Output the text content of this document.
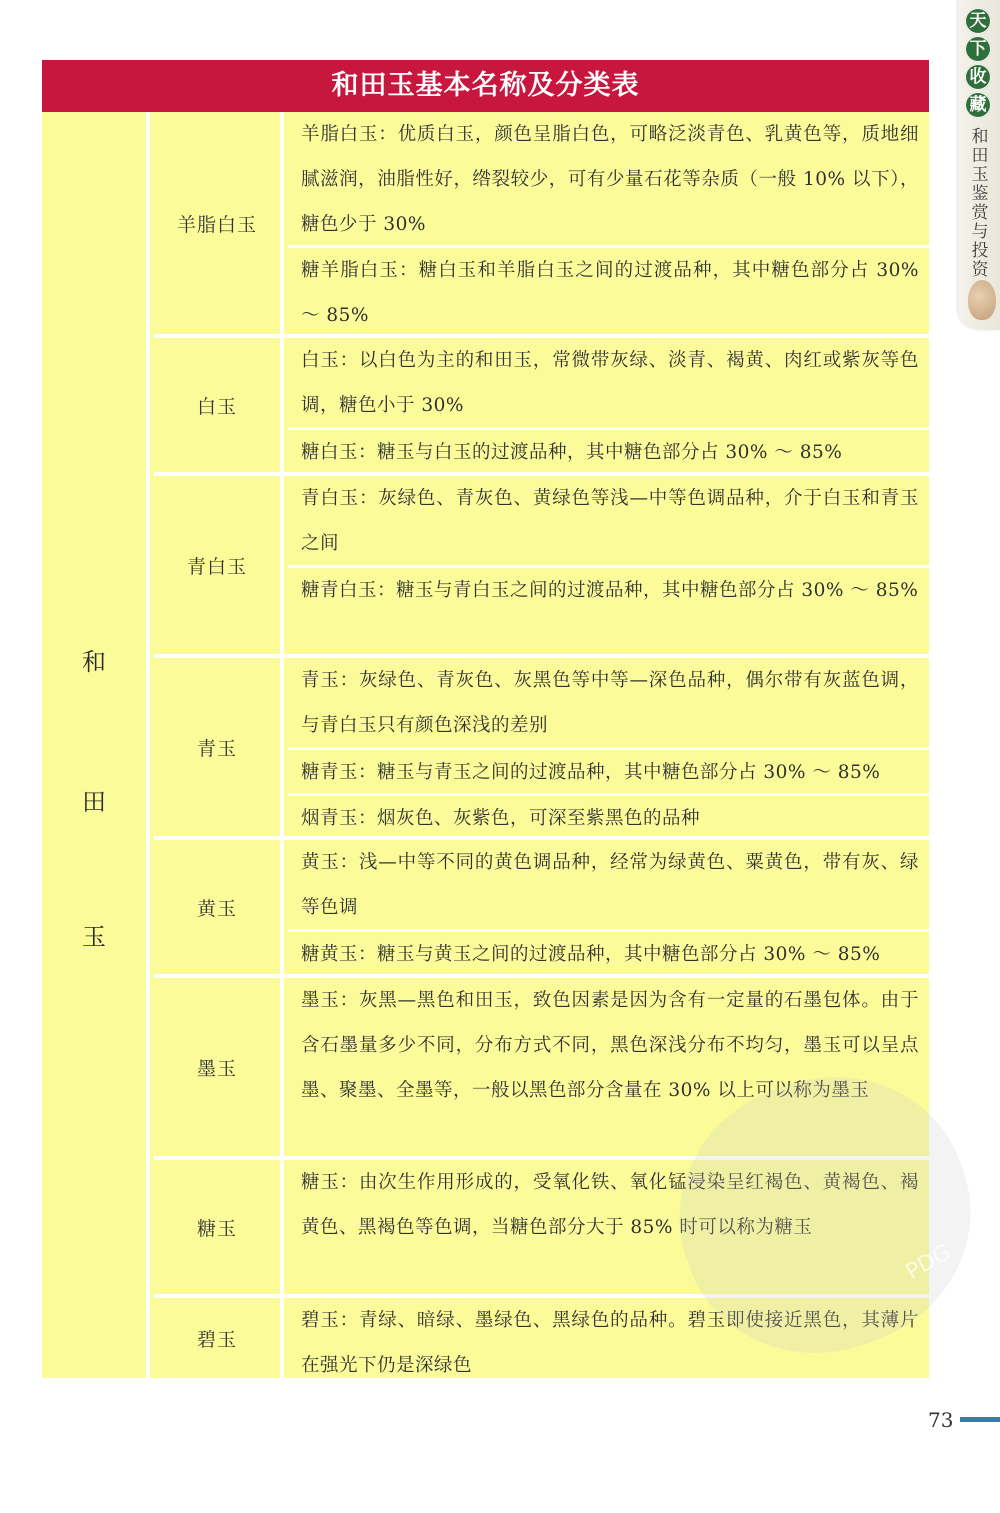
天
下
收
藏
和田玉鉴赏与投资
和田玉基本名称及分类表
和
田
玉
羊脂白玉
羊脂白玉：优质白玉，颜色呈脂白色，可略泛淡青色、乳黄色等，质地细腻滋润，油脂性好，绺裂较少，可有少量石花等杂质（一般 10% 以下），糖色少于 30%
糖羊脂白玉：糖白玉和羊脂白玉之间的过渡品种，其中糖色部分占 30% ～ 85%
白玉
白玉：以白色为主的和田玉，常微带灰绿、淡青、褐黄、肉红或紫灰等色调，糖色小于 30%
糖白玉：糖玉与白玉的过渡品种，其中糖色部分占 30% ～ 85%
青白玉
青白玉：灰绿色、青灰色、黄绿色等浅—中等色调品种，介于白玉和青玉之间
糖青白玉：糖玉与青白玉之间的过渡品种，其中糖色部分占 30% ～ 85%
青玉
青玉：灰绿色、青灰色、灰黑色等中等—深色品种，偶尔带有灰蓝色调，与青白玉只有颜色深浅的差别
糖青玉：糖玉与青玉之间的过渡品种，其中糖色部分占 30% ～ 85%
烟青玉：烟灰色、灰紫色，可深至紫黑色的品种
黄玉
黄玉：浅—中等不同的黄色调品种，经常为绿黄色、粟黄色，带有灰、绿等色调
糖黄玉：糖玉与黄玉之间的过渡品种，其中糖色部分占 30% ～ 85%
墨玉
墨玉：灰黑—黑色和田玉，致色因素是因为含有一定量的石墨包体。由于含石墨量多少不同，分布方式不同，黑色深浅分布不均匀，墨玉可以呈点墨、聚墨、全墨等，一般以黑色部分含量在 30% 以上可以称为墨玉
糖玉
糖玉：由次生作用形成的，受氧化铁、氧化锰浸染呈红褐色、黄褐色、褐黄色、黑褐色等色调，当糖色部分大于 85% 时可以称为糖玉
碧玉
碧玉：青绿、暗绿、墨绿色、黑绿色的品种。碧玉即使接近黑色，其薄片在强光下仍是深绿色
PDG
73
